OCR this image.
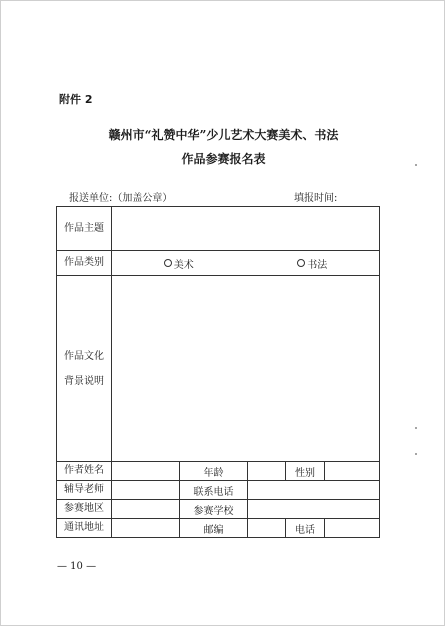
附件 2
赣州市“礼赞中华”少儿艺术大赛美术、书法
作品参赛报名表
报送单位:（加盖公章）	填报时间:
作品主题					
作品类别	美术 书法				

作品文化
背景说明					

作者姓名		年龄		性别	
辅导老师		联系电话			
参赛地区		参赛学校			
通讯地址		邮编		电话	
— 10 —
